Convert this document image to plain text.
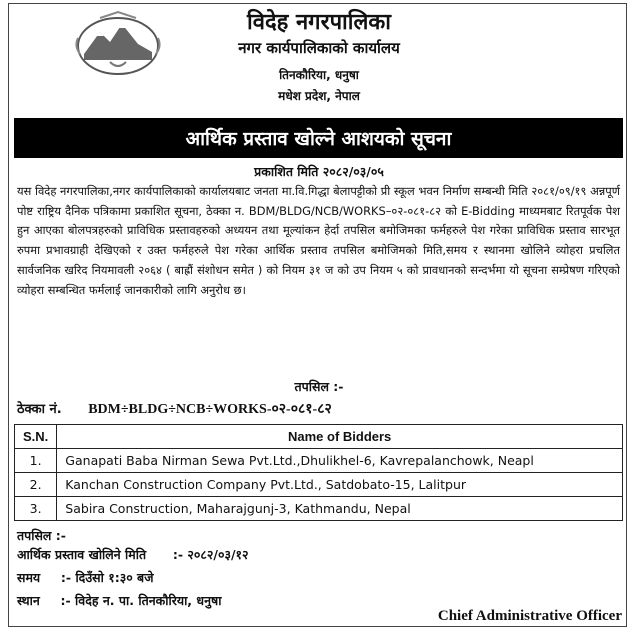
विदेह नगरपालिका
नगर कार्यपालिकाको कार्यालय
तिनकौरिया, धनुषा
मधेश प्रदेश, नेपाल
आर्थिक प्रस्ताव खोल्ने आशयको सूचना
प्रकाशित मिति २०८२/०३/०५

यस विदेह नगरपालिका,नगर कार्यपालिकाको कार्यालयबाट जनता मा.वि.गिद्धा बेलापट्टीको प्री स्कूल भवन निर्माण सम्बन्धी मिति २०८१/०९/१९ अन्नपूर्ण पोष्ट राष्ट्रिय दैनिक पत्रिकामा प्रकाशित सूचना, ठेक्का न. BDM/BLDG/NCB/WORKS–०२-०८१-८२ को E-Bidding माध्यमबाट रितपूर्वक पेश हुन आएका बोलपत्रहरुको प्राविधिक प्रस्तावहरुको अध्ययन तथा मूल्यांकन हेर्दा तपसिल बमोजिमका फर्महरुले पेश गरेका प्राविधिक प्रस्ताव सारभूत रुपमा प्रभावग्राही देखिएको र उक्त फर्महरुले पेश गरेका आर्थिक प्रस्ताव तपसिल बमोजिमको मिति,समय र स्थानमा खोलिने व्योहरा प्रचलित सार्वजनिक खरिद नियमावली २०६४ ( बाह्रौं संशोधन समेत ) को नियम ३१ ज को उप नियम ५ को प्रावधानको सन्दर्भमा यो सूचना सम्प्रेषण गरिएको व्योहरा सम्बन्धित फर्मलाई जानकारीको लागि अनुरोध छ।

तपसिल :-
ठेक्का नं. BDM÷BLDG÷NCB÷WORKS-०२-०८१-८२
S.N.	Name of Bidders
1.	Ganapati Baba Nirman Sewa Pvt.Ltd.,Dhulikhel-6, Kavrepalanchowk, Neapl
2.	Kanchan Construction Company Pvt.Ltd., Satdobato-15, Lalitpur
3.	Sabira Construction, Maharajgunj-3, Kathmandu, Nepal
तपसिल :-
आर्थिक प्रस्ताव खोलिने मिति :- २०८२/०३/१२
समय :- दिउँसो १:३० बजे
स्थान :- विदेह न. पा. तिनकौरिया, धनुषा
Chief Administrative Officer
